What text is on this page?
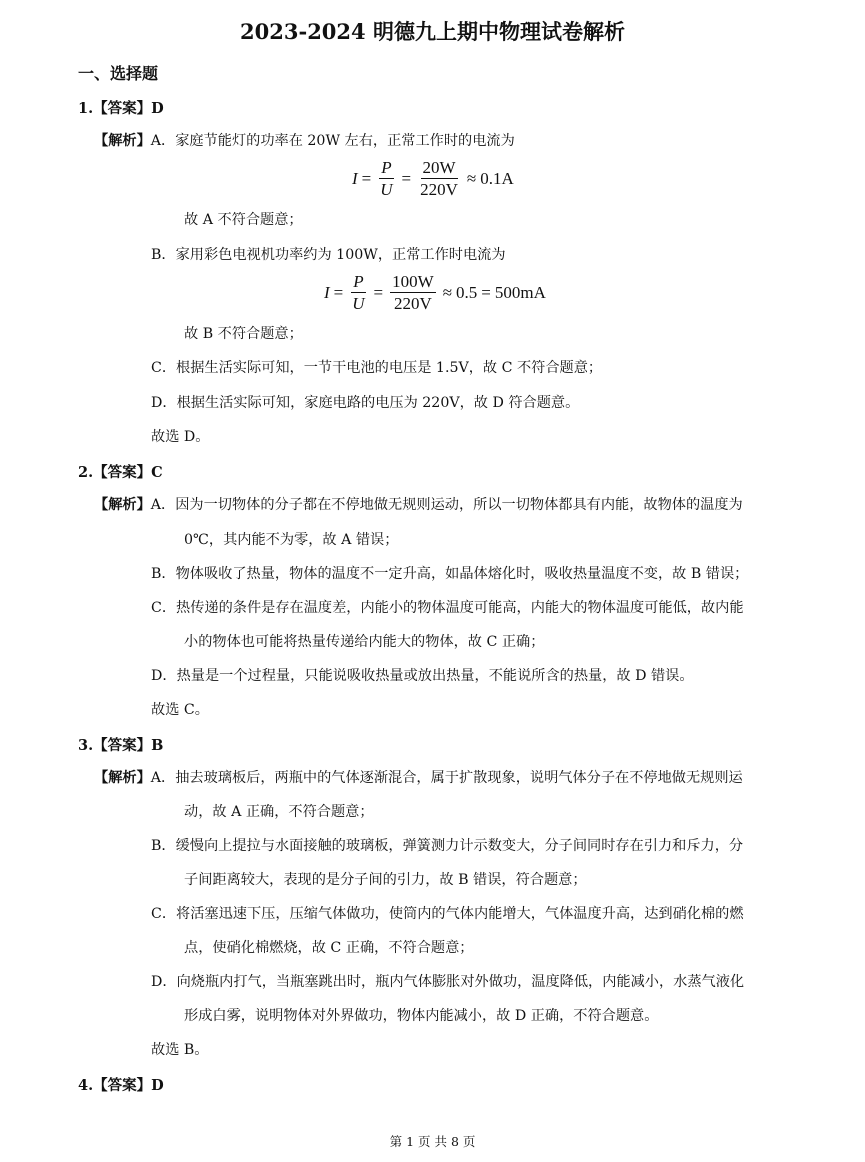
2023-2024 明德九上期中物理试卷解析
一、选择题
1.【答案】D
【解析】A．家庭节能灯的功率在 20W 左右，正常工作时的电流为
$I = \frac{P}{U} = \frac{20W}{220V} \approx 0.1A$
故 A 不符合题意；
B．家用彩色电视机功率约为 100W，正常工作时电流为
$I = \frac{P}{U} = \frac{100W}{220V} \approx 0.5 = 500mA$
故 B 不符合题意；
C．根据生活实际可知，一节干电池的电压是 1.5V，故 C 不符合题意；
D．根据生活实际可知，家庭电路的电压为 220V，故 D 符合题意。
故选 D。
2.【答案】C
【解析】A．因为一切物体的分子都在不停地做无规则运动，所以一切物体都具有内能，故物体的温度为
0℃，其内能不为零，故 A 错误；
B．物体吸收了热量，物体的温度不一定升高，如晶体熔化时，吸收热量温度不变，故 B 错误；
C．热传递的条件是存在温度差，内能小的物体温度可能高，内能大的物体温度可能低，故内能
小的物体也可能将热量传递给内能大的物体，故 C 正确；
D．热量是一个过程量，只能说吸收热量或放出热量，不能说所含的热量，故 D 错误。
故选 C。
3.【答案】B
【解析】A．抽去玻璃板后，两瓶中的气体逐渐混合，属于扩散现象，说明气体分子在不停地做无规则运
动，故 A 正确，不符合题意；
B．缓慢向上提拉与水面接触的玻璃板，弹簧测力计示数变大，分子间同时存在引力和斥力，分
子间距离较大，表现的是分子间的引力，故 B 错误，符合题意；
C．将活塞迅速下压，压缩气体做功，使筒内的气体内能增大，气体温度升高，达到硝化棉的燃
点，使硝化棉燃烧，故 C 正确，不符合题意；
D．向烧瓶内打气，当瓶塞跳出时，瓶内气体膨胀对外做功，温度降低，内能减小，水蒸气液化
形成白雾，说明物体对外界做功，物体内能减小，故 D 正确，不符合题意。
故选 B。
4.【答案】D
第 1 页 共 8 页
